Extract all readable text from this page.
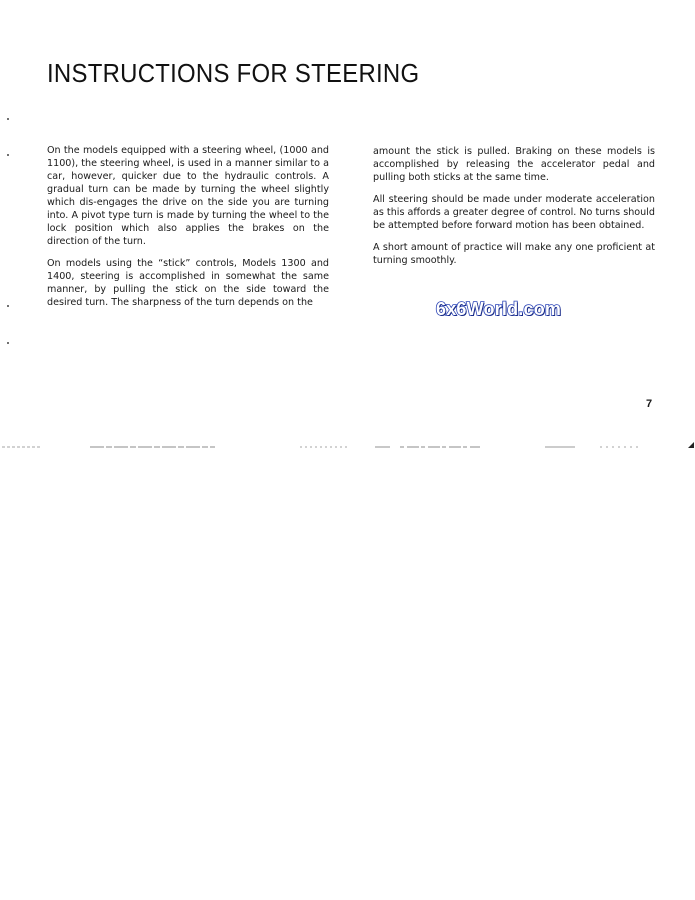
INSTRUCTIONS FOR STEERING

On the models equipped with a steering wheel, (1000 and 1100), the steering wheel, is used in a manner similar to a car, however, quicker due to the hydraulic controls. A gradual turn can be made by turning the wheel slightly which dis-engages the drive on the side you are turning into. A pivot type turn is made by turning the wheel to the lock position which also applies the brakes on the direction of the turn.

On models using the “stick” controls, Models 1300 and 1400, steering is accomplished in somewhat the same manner, by pulling the stick on the side toward the desired turn. The sharpness of the turn depends on the

amount the stick is pulled. Braking on these models is accomplished by releasing the accelerator pedal and pulling both sticks at the same time.

All steering should be made under moderate acceleration as this affords a greater degree of control. No turns should be attempted before forward motion has been obtained.

A short amount of practice will make any one proficient at turning smoothly.

6x6World.com
7
